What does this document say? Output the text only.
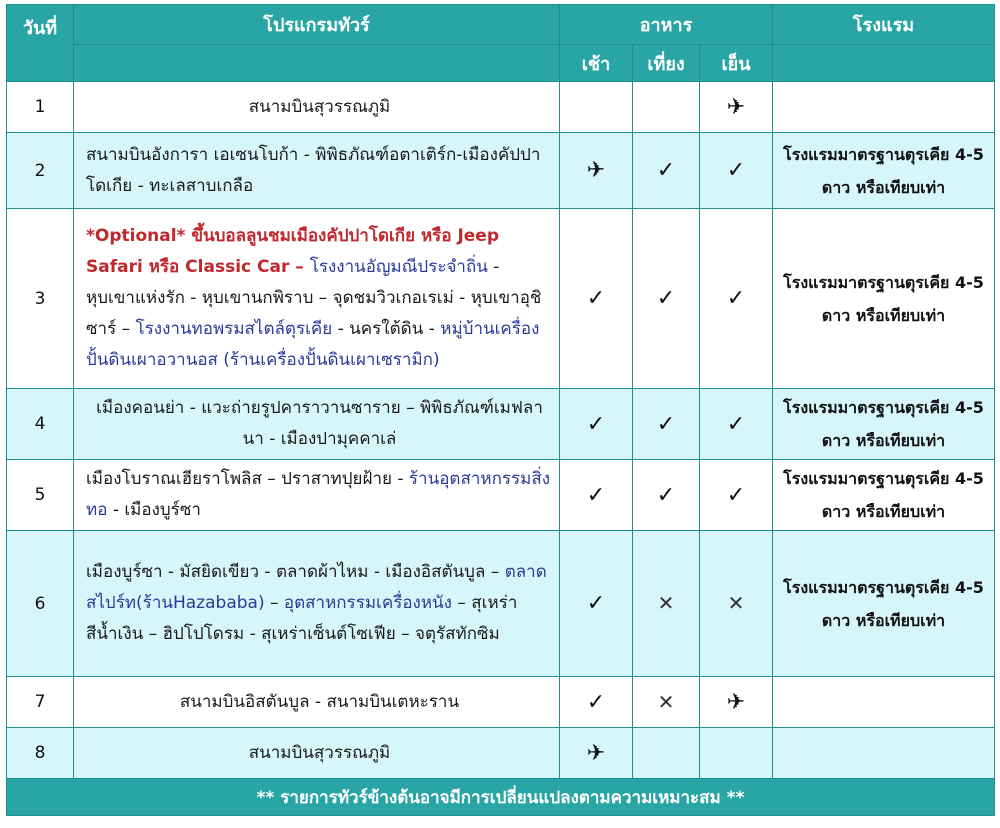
วันที่	โปรแกรมทัวร์	อาหาร			โรงแรม
		เช้า	เที่ยง	เย็น	
1	สนามบินสุวรรณภูมิ			✈	
2	สนามบินอังการา เอเซนโบก้า - พิพิธภัณฑ์อตาเติร์ก-เมืองคัปปาโดเกีย - ทะเลสาบเกลือ	✈	✓	✓	โรงแรมมาตรฐานตุรเคีย 4-5 ดาว หรือเทียบเท่า
3	*Optional* ขึ้นบอลลูนชมเมืองคัปปาโดเกีย หรือ Jeep Safari หรือ Classic Car – โรงงานอัญมณีประจำถิ่น - หุบเขาแห่งรัก - หุบเขานกพิราบ – จุดชมวิวเกอเรเม่ - หุบเขาอุชิซาร์ – โรงงานทอพรมสไตล์ตุรเคีย - นครใต้ดิน - หมู่บ้านเครื่องปั้นดินเผาอวานอส (ร้านเครื่องปั้นดินเผาเซรามิก)	✓	✓	✓	โรงแรมมาตรฐานตุรเคีย 4-5 ดาว หรือเทียบเท่า
4	เมืองคอนย่า - แวะถ่ายรูปคาราวานซาราย – พิพิธภัณฑ์เมฟลานา - เมืองปามุคคาเล่	✓	✓	✓	โรงแรมมาตรฐานตุรเคีย 4-5 ดาว หรือเทียบเท่า
5	เมืองโบราณเฮียราโพลิส – ปราสาทปุยฝ้าย - ร้านอุตสาหกรรมสิ่งทอ - เมืองบูร์ซา	✓	✓	✓	โรงแรมมาตรฐานตุรเคีย 4-5 ดาว หรือเทียบเท่า
6	เมืองบูร์ซา - มัสยิดเขียว - ตลาดผ้าไหม - เมืองอิสตันบูล – ตลาดสไปร์ท(ร้านHazababa) – อุตสาหกรรมเครื่องหนัง – สุเหร่าสีน้ำเงิน – ฮิปโปโดรม - สุเหร่าเซ็นต์โซเฟีย – จตุรัสทักซิม	✓	✕	✕	โรงแรมมาตรฐานตุรเคีย 4-5 ดาว หรือเทียบเท่า
7	สนามบินอิสตันบูล - สนามบินเตหะราน	✓	✕	✈	
8	สนามบินสุวรรณภูมิ	✈			
** รายการทัวร์ข้างต้นอาจมีการเปลี่ยนแปลงตามความเหมาะสม **					
